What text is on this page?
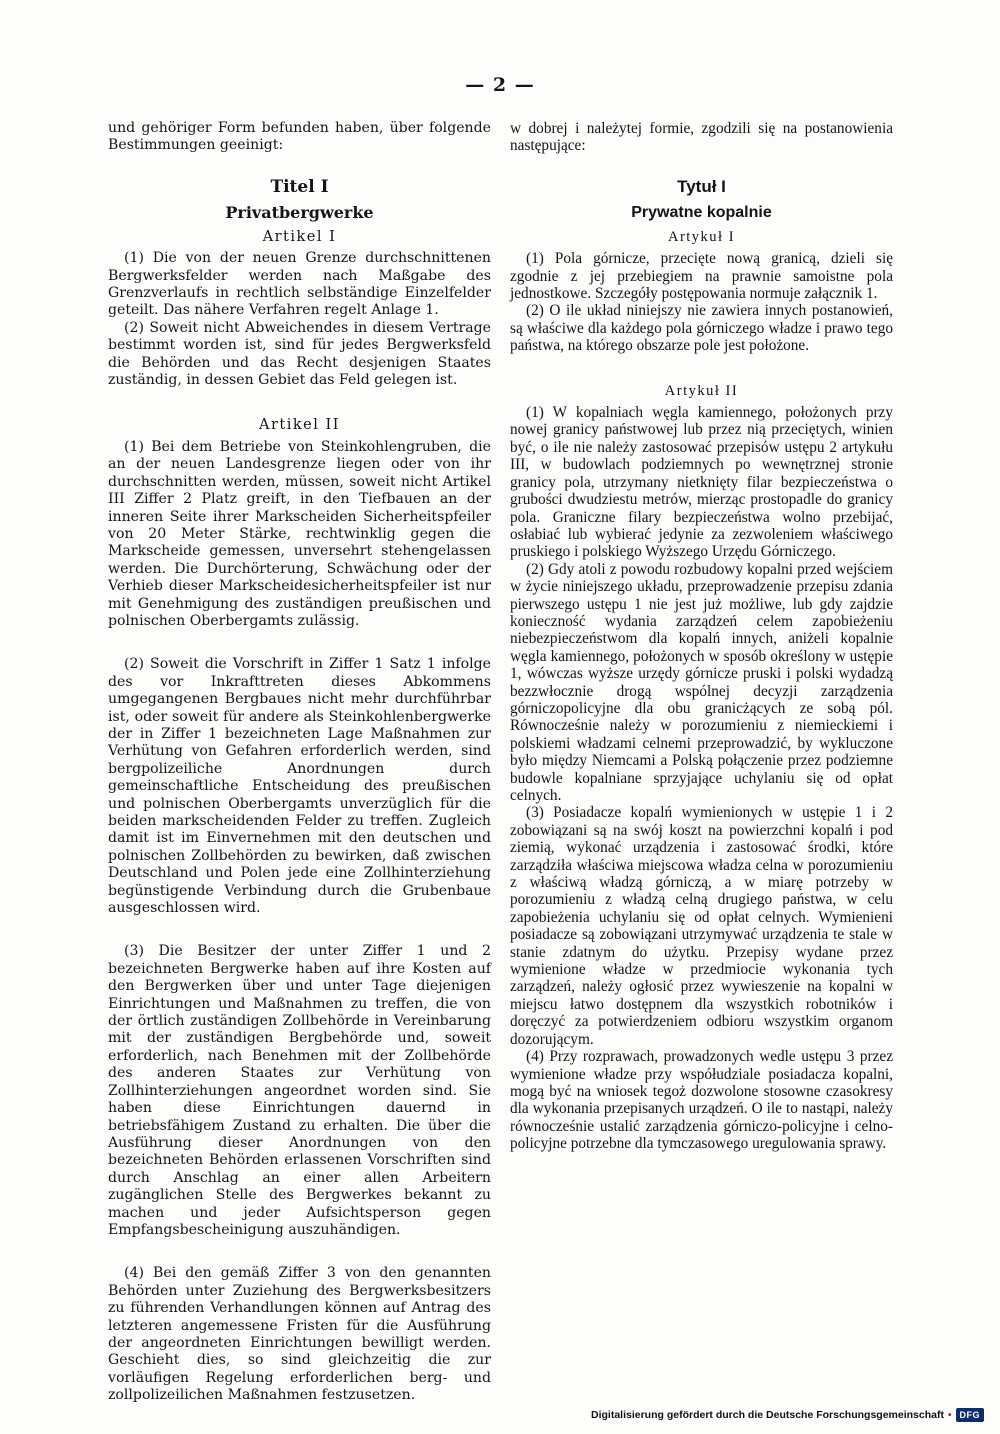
— 2 —

und gehöriger Form befunden haben, über folgende Bestimmungen geeinigt:

Titel I
Privatbergwerke
Artikel I

(1) Die von der neuen Grenze durchschnittenen Bergwerksfelder werden nach Maßgabe des Grenzverlaufs in rechtlich selbständige Einzelfelder geteilt. Das nähere Verfahren regelt Anlage 1.

(2) Soweit nicht Abweichendes in diesem Vertrage bestimmt worden ist, sind für jedes Bergwerksfeld die Behörden und das Recht desjenigen Staates zuständig, in dessen Gebiet das Feld gelegen ist.

Artikel II

(1) Bei dem Betriebe von Steinkohlengruben, die an der neuen Landesgrenze liegen oder von ihr durchschnitten werden, müssen, soweit nicht Artikel III Ziffer 2 Platz greift, in den Tiefbauen an der inneren Seite ihrer Markscheiden Sicherheitspfeiler von 20 Meter Stärke, rechtwinklig gegen die Markscheide gemessen, unversehrt stehengelassen werden. Die Durchörterung, Schwächung oder der Verhieb dieser Markscheidesicherheitspfeiler ist nur mit Genehmigung des zuständigen preußischen und polnischen Oberbergamts zulässig.

(2) Soweit die Vorschrift in Ziffer 1 Satz 1 infolge des vor Inkrafttreten dieses Abkommens umgegangenen Bergbaues nicht mehr durchführbar ist, oder soweit für andere als Steinkohlenbergwerke der in Ziffer 1 bezeichneten Lage Maßnahmen zur Verhütung von Gefahren erforderlich werden, sind bergpolizeiliche Anordnungen durch gemeinschaftliche Entscheidung des preußischen und polnischen Oberbergamts unverzüglich für die beiden markscheidenden Felder zu treffen. Zugleich damit ist im Einvernehmen mit den deutschen und polnischen Zollbehörden zu bewirken, daß zwischen Deutschland und Polen jede eine Zollhinterziehung begünstigende Verbindung durch die Grubenbaue ausgeschlossen wird.

(3) Die Besitzer der unter Ziffer 1 und 2 bezeichneten Bergwerke haben auf ihre Kosten auf den Bergwerken über und unter Tage diejenigen Einrichtungen und Maßnahmen zu treffen, die von der örtlich zuständigen Zollbehörde in Vereinbarung mit der zuständigen Bergbehörde und, soweit erforderlich, nach Benehmen mit der Zollbehörde des anderen Staates zur Verhütung von Zollhinterziehungen angeordnet worden sind. Sie haben diese Einrichtungen dauernd in betriebsfähigem Zustand zu erhalten. Die über die Ausführung dieser Anordnungen von den bezeichneten Behörden erlassenen Vorschriften sind durch Anschlag an einer allen Arbeitern zugänglichen Stelle des Bergwerkes bekannt zu machen und jeder Aufsichtsperson gegen Empfangsbescheinigung auszuhändigen.

(4) Bei den gemäß Ziffer 3 von den genannten Behörden unter Zuziehung des Bergwerksbesitzers zu führenden Verhandlungen können auf Antrag des letzteren angemessene Fristen für die Ausführung der angeordneten Einrichtungen bewilligt werden. Geschieht dies, so sind gleichzeitig die zur vorläufigen Regelung erforderlichen berg- und zollpolizeilichen Maßnahmen festzusetzen.

w dobrej i należytej formie, zgodzili się na postanowienia następujące:

Tytuł I
Prywatne kopalnie
Artykuł I

(1) Pola górnicze, przecięte nową granicą, dzieli się zgodnie z jej przebiegiem na prawnie samoistne pola jednostkowe. Szczegóły postępowania normuje załącznik 1.

(2) O ile układ niniejszy nie zawiera innych postanowień, są właściwe dla każdego pola górniczego władze i prawo tego państwa, na którego obszarze pole jest położone.

Artykuł II

(1) W kopalniach węgla kamiennego, położonych przy nowej granicy państwowej lub przez nią przeciętych, winien być, o ile nie należy zastosować przepisów ustępu 2 artykułu III, w budowlach podziemnych po wewnętrznej stronie granicy pola, utrzymany nietknięty filar bezpieczeństwa o grubości dwudziestu metrów, mierząc prostopadle do granicy pola. Graniczne filary bezpieczeństwa wolno przebijać, osłabiać lub wybierać jedynie za zezwoleniem właściwego pruskiego i polskiego Wyższego Urzędu Górniczego.

(2) Gdy atoli z powodu rozbudowy kopalni przed wejściem w życie niniejszego układu, przeprowadzenie przepisu zdania pierwszego ustępu 1 nie jest już możliwe, lub gdy zajdzie konieczność wydania zarządzeń celem zapobieżeniu niebezpieczeństwom dla kopalń innych, aniżeli kopalnie węgla kamiennego, położonych w sposób określony w ustępie 1, wówczas wyższe urzędy górnicze pruski i polski wydadzą bezzwłocznie drogą wspólnej decyzji zarządzenia górniczopolicyjne dla obu granicżących ze sobą pól. Równocześnie należy w porozumieniu z niemieckiemi i polskiemi władzami celnemi przeprowadzić, by wykluczone było między Niemcami a Polską połączenie przez podziemne budowle kopalniane sprzyjające uchylaniu się od opłat celnych.

(3) Posiadacze kopalń wymienionych w ustępie 1 i 2 zobowiązani są na swój koszt na powierzchni kopalń i pod ziemią, wykonać urządzenia i zastosować środki, które zarządziła właściwa miejscowa władza celna w porozumieniu z właściwą władzą górniczą, a w miarę potrzeby w porozumieniu z władzą celną drugiego państwa, w celu zapobieżenia uchylaniu się od opłat celnych. Wymienieni posiadacze są zobowiązani utrzymywać urządzenia te stale w stanie zdatnym do użytku. Przepisy wydane przez wymienione władze w przedmiocie wykonania tych zarządzeń, należy ogłosić przez wywieszenie na kopalni w miejscu łatwo dostępnem dla wszystkich robotników i doręczyć za potwierdzeniem odbioru wszystkim organom dozorującym.

(4) Przy rozprawach, prowadzonych wedle ustępu 3 przez wymienione władze przy współudziale posiadacza kopalni, mogą być na wniosek tegoż dozwolone stosowne czasokresy dla wykonania przepisanych urządzeń. O ile to nastąpi, należy równocześnie ustalić zarządzenia górniczo-policyjne i celno-policyjne potrzebne dla tymczasowego uregulowania sprawy.

Digitalisierung gefördert durch die Deutsche Forschungsgemeinschaft • DFG
